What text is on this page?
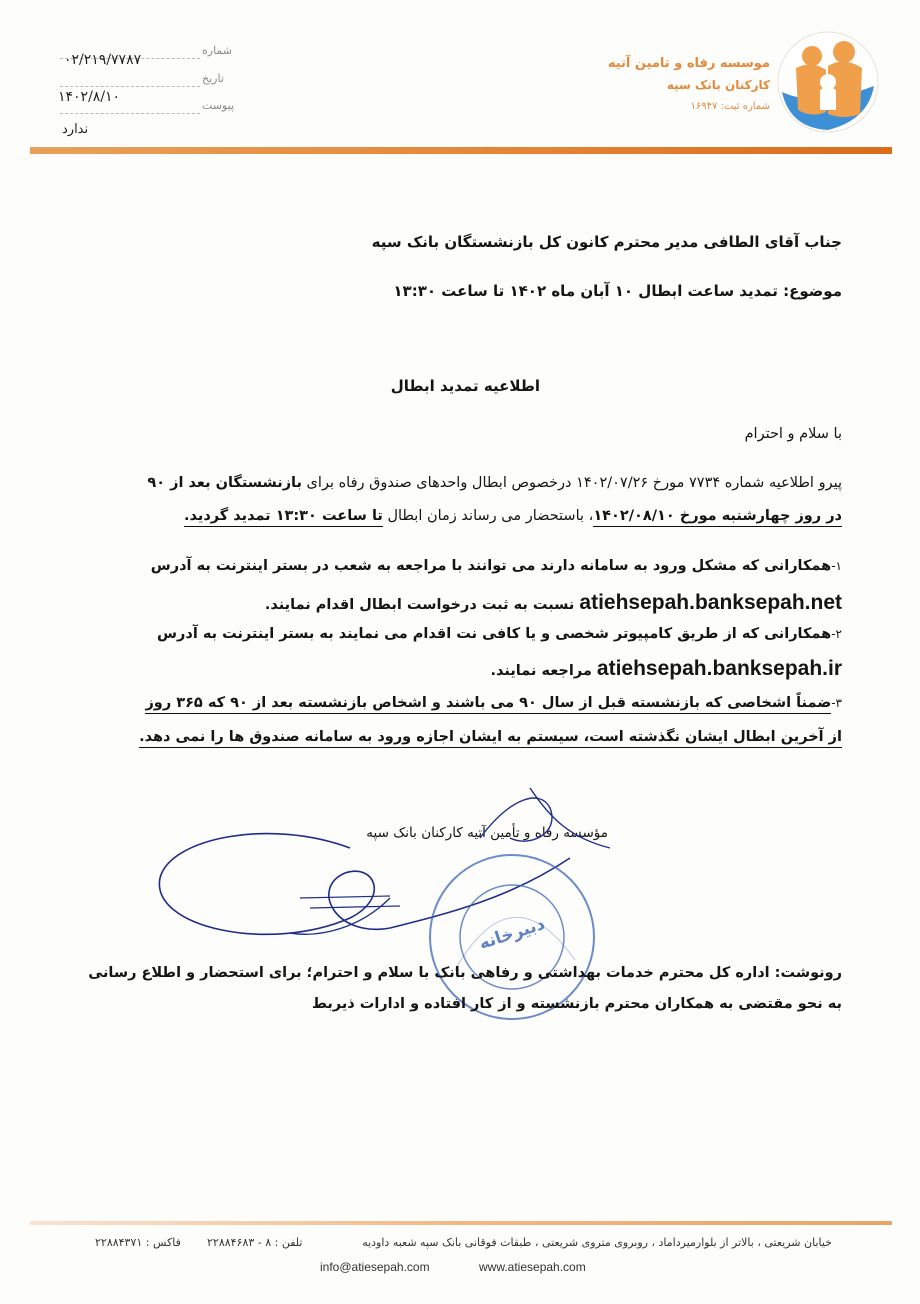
موسسه رفاه و تامین آتیه
کارکنان بانک سپه
شماره ثبت: ۱۶۹۴۷
شماره
۰۲/۲۱۹/۷۷۸۷
تاریخ
۱۴۰۲/۸/۱۰
پیوست
ندارد
جناب آقای الطافی مدیر محترم کانون کل بازنشستگان بانک سپه
موضوع: تمدید ساعت ابطال ۱۰ آبان ماه ۱۴۰۲ تا ساعت ۱۳:۳۰
اطلاعیه تمدید ابطال
با سلام و احترام
پیرو اطلاعیه شماره ۷۷۳۴ مورخ ۱۴۰۲/۰۷/۲۶ درخصوص ابطال واحدهای صندوق رفاه برای بازنشستگان بعد از ۹۰
در روز چهارشنبه مورخ ۱۴۰۲/۰۸/۱۰، باستحضار می رساند زمان ابطال تا ساعت ۱۳:۳۰ تمدید گردید.
۱-همکارانی که مشکل ورود به سامانه دارند می توانند با مراجعه به شعب در بستر اینترنت به آدرس
atiehsepah.banksepah.net نسبت به ثبت درخواست ابطال اقدام نمایند.
۲-همکارانی که از طریق کامپیوتر شخصی و یا کافی نت اقدام می نمایند به بستر اینترنت به آدرس
atiehsepah.banksepah.ir مراجعه نمایند.
۳-ضمناً اشخاصی که بازنشسته قبل از سال ۹۰ می باشند و اشخاص بازنشسته بعد از ۹۰ که ۳۶۵ روز
از آخرین ابطال ایشان نگذشته است، سیستم به ایشان اجازه ورود به سامانه صندوق ها را نمی دهد.
مؤسسه رفاه و تأمین آتیه کارکنان بانک سپه
دبیرخانه
رونوشت: اداره کل محترم خدمات بهداشتی و رفاهی بانک با سلام و احترام؛ برای استحضار و اطلاع رسانی
به نحو مقتضی به همکاران محترم بازنشسته و از کار افتاده و ادارات ذیربط
خیابان شریعتی ، بالاتر از بلوارمیرداماد ، روبروی متروی شریعتی ، طبقات فوقانی بانک سپه شعبه داودیه
تلفن : ۸ - ۲۲۸۸۴۶۸۳
فاکس : ۲۲۸۸۴۳۷۱
info@atiesepah.com	www.atiesepah.com
